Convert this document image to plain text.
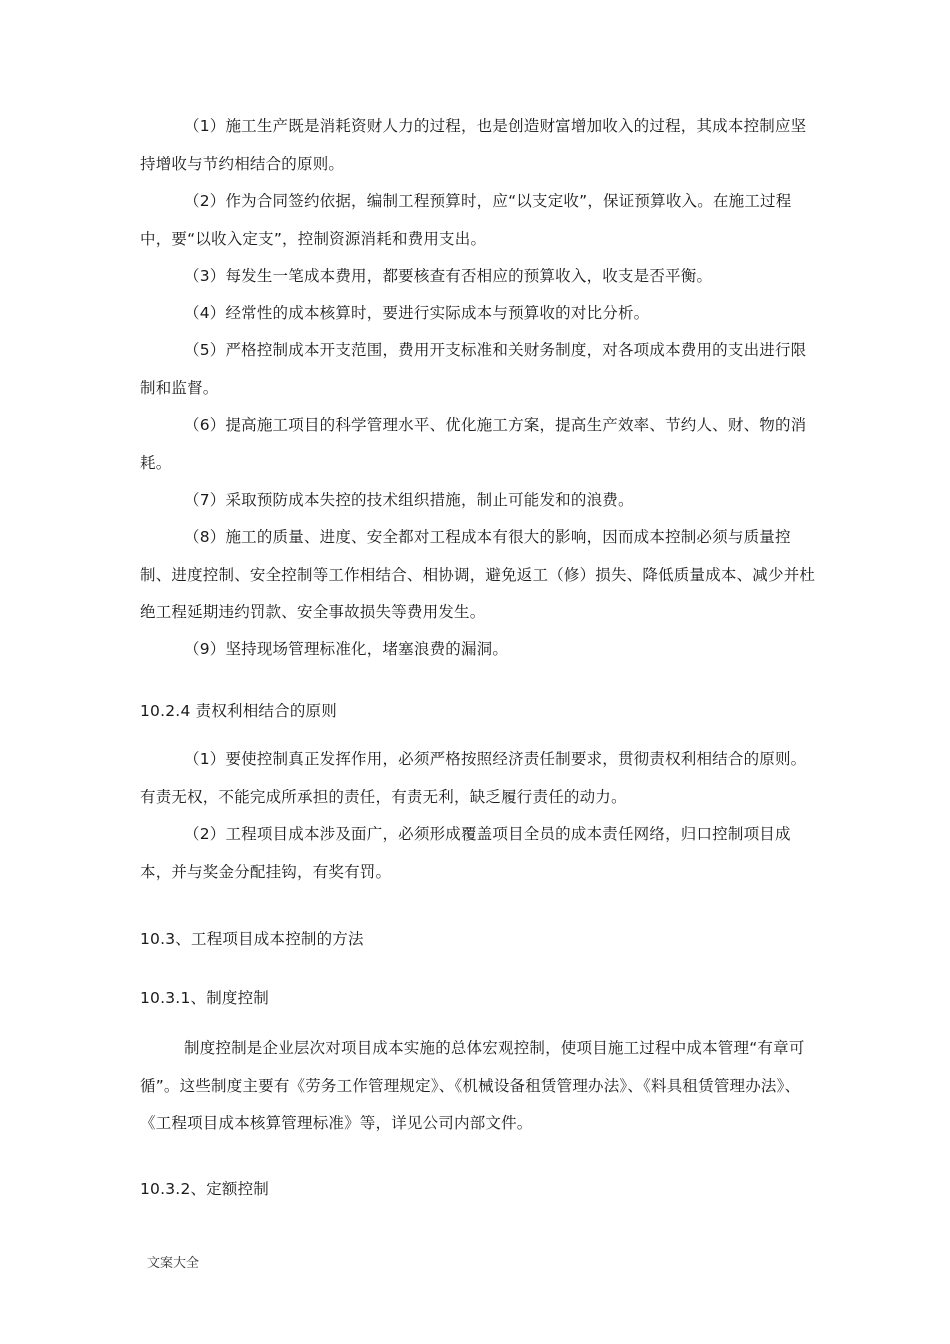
（1）施工生产既是消耗资财人力的过程，也是创造财富增加收入的过程，其成本控制应坚持增收与节约相结合的原则。

（2）作为合同签约依据，编制工程预算时，应“以支定收”，保证预算收入。在施工过程中，要“以收入定支”，控制资源消耗和费用支出。

（3）每发生一笔成本费用，都要核查有否相应的预算收入，收支是否平衡。

（4）经常性的成本核算时，要进行实际成本与预算收的对比分析。

（5）严格控制成本开支范围，费用开支标准和关财务制度，对各项成本费用的支出进行限制和监督。

（6）提高施工项目的科学管理水平、优化施工方案，提高生产效率、节约人、财、物的消耗。

（7）采取预防成本失控的技术组织措施，制止可能发和的浪费。

（8）施工的质量、进度、安全都对工程成本有很大的影响，因而成本控制必须与质量控制、进度控制、安全控制等工作相结合、相协调，避免返工（修）损失、降低质量成本、减少并杜绝工程延期违约罚款、安全事故损失等费用发生。

（9）坚持现场管理标准化，堵塞浪费的漏洞。

10.2.4 责权利相结合的原则

（1）要使控制真正发挥作用，必须严格按照经济责任制要求，贯彻责权利相结合的原则。有责无权，不能完成所承担的责任，有责无利，缺乏履行责任的动力。

（2）工程项目成本涉及面广，必须形成覆盖项目全员的成本责任网络，归口控制项目成本，并与奖金分配挂钩，有奖有罚。

10.3、工程项目成本控制的方法

10.3.1、制度控制

制度控制是企业层次对项目成本实施的总体宏观控制，使项目施工过程中成本管理“有章可循”。这些制度主要有《劳务工作管理规定》、《机械设备租赁管理办法》、《料具租赁管理办法》、《工程项目成本核算管理标准》等，详见公司内部文件。

10.3.2、定额控制

文案大全
